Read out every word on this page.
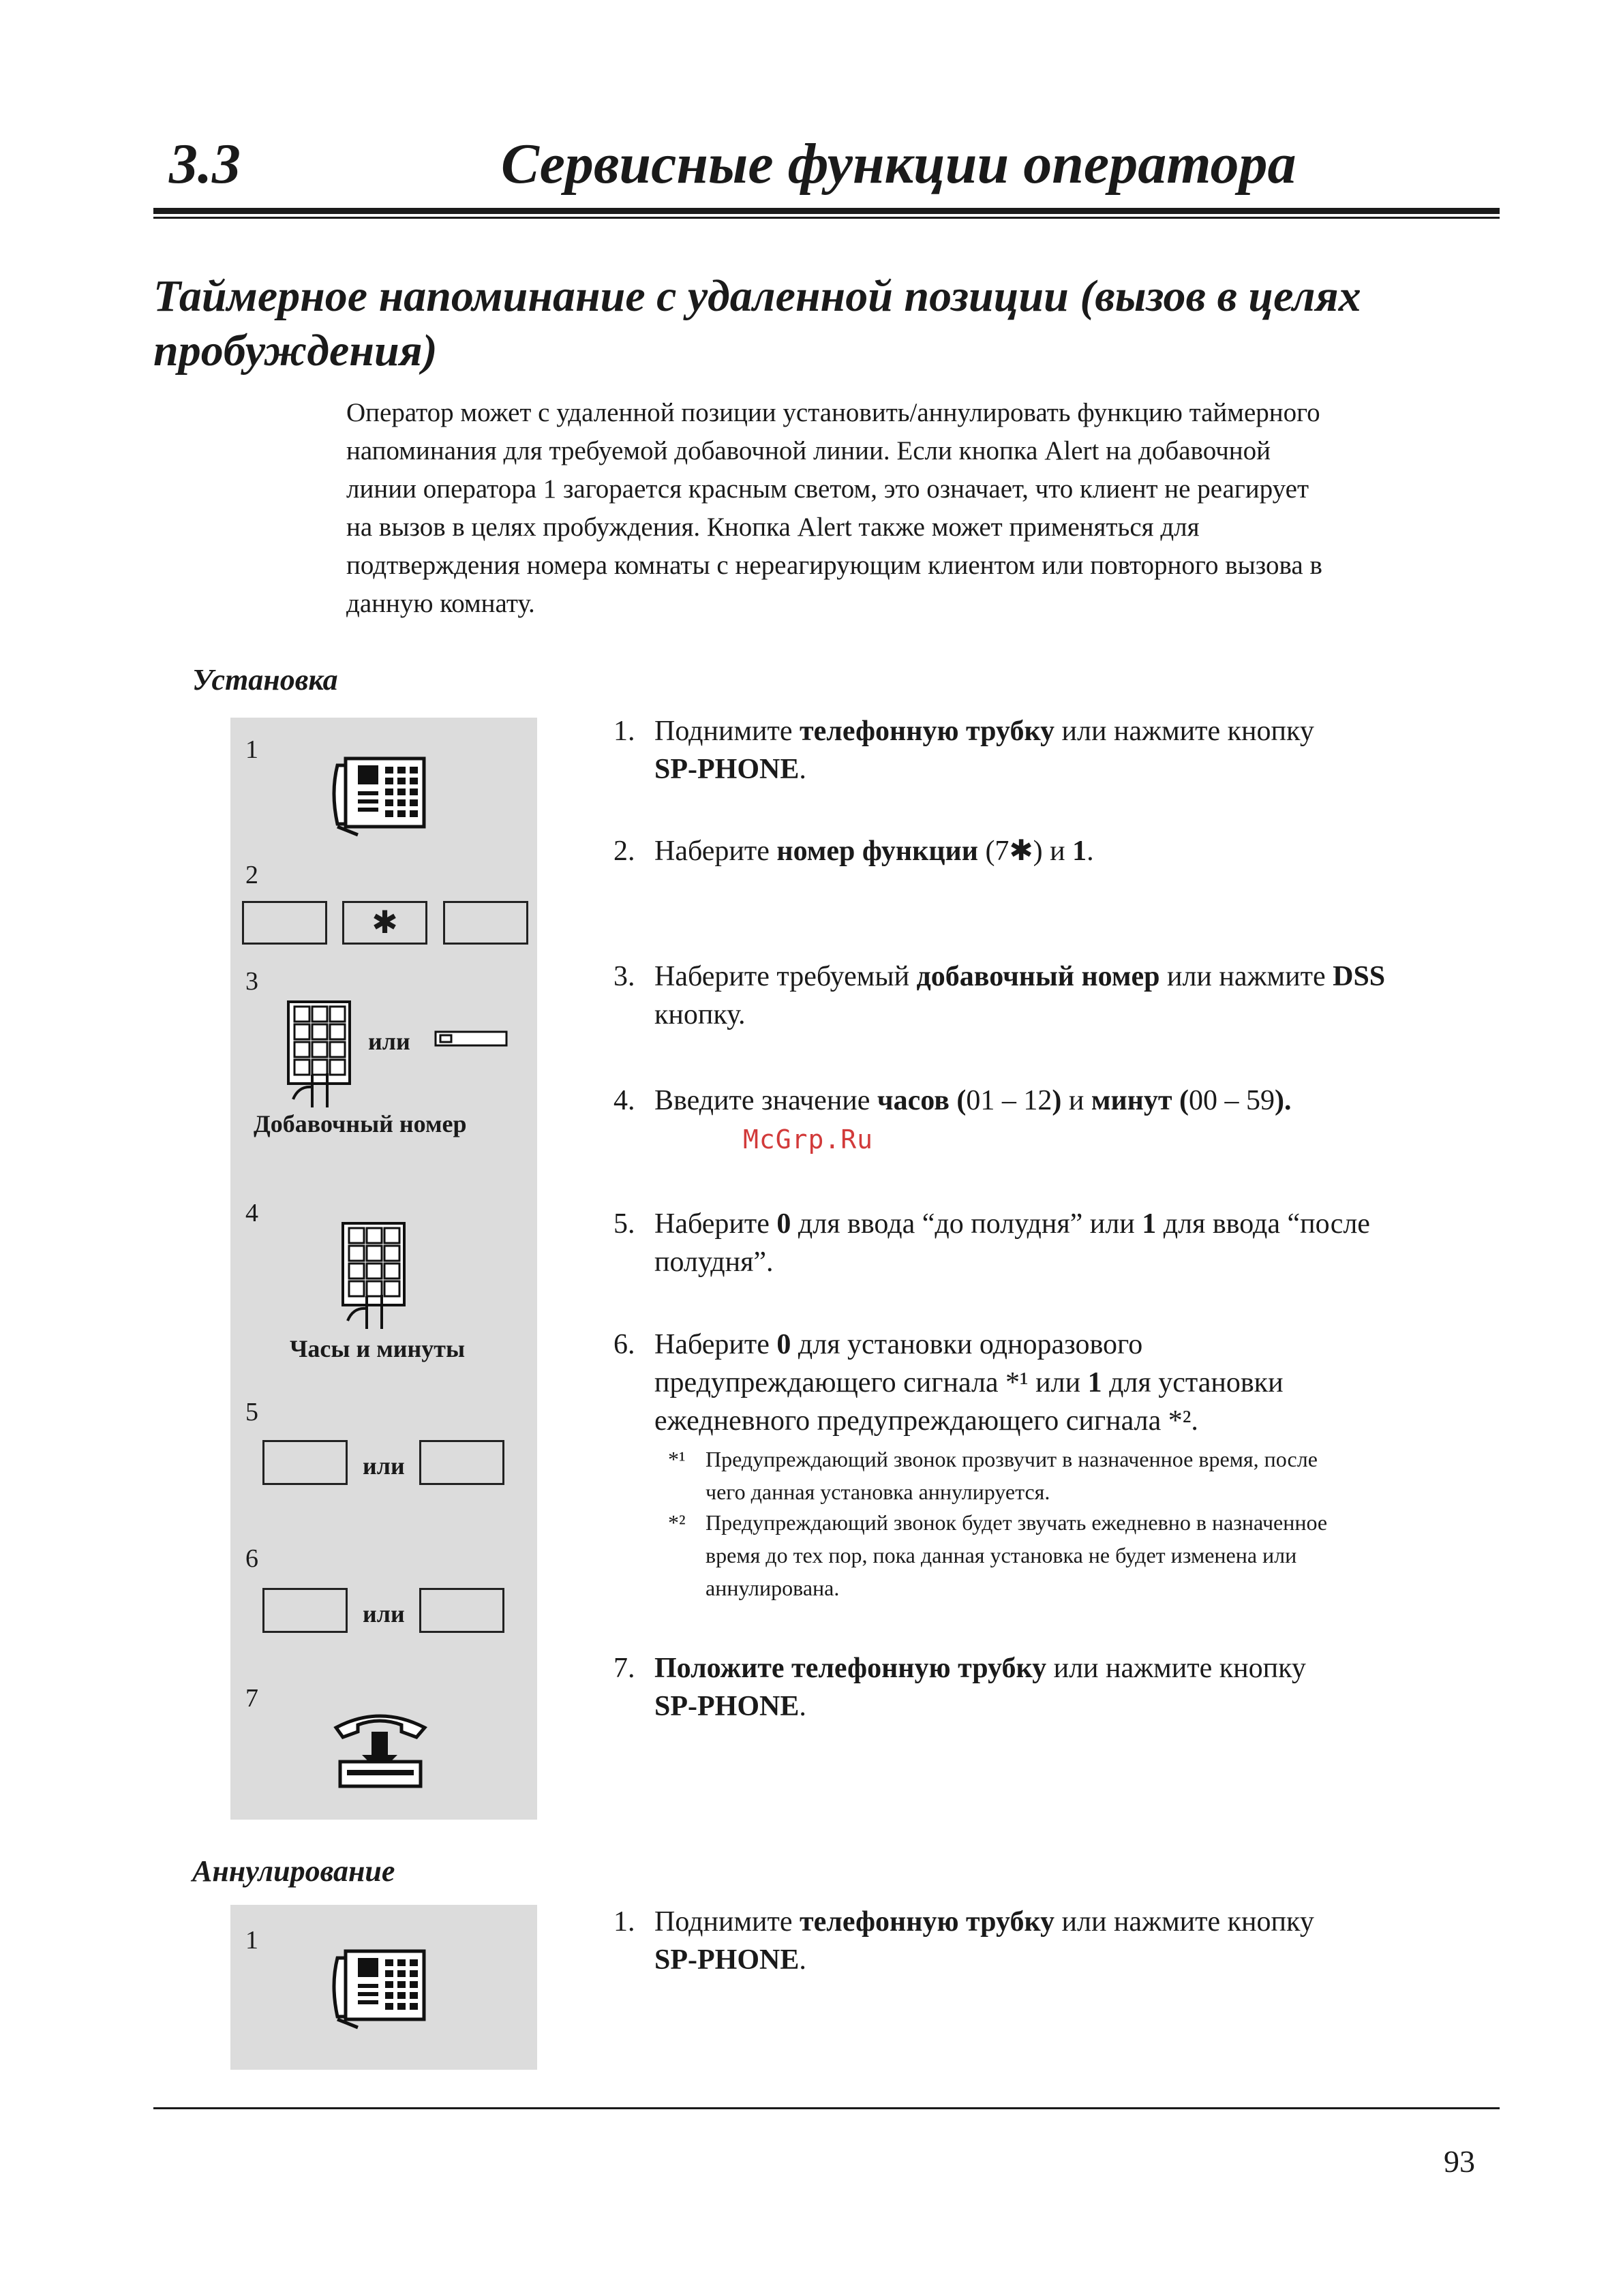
3.3	Сервисные функции оператора
Таймерное напоминание с удаленной позиции (вызов в целях пробуждения)
Оператор может с удаленной позиции установить/аннулировать функцию таймерного
напоминания для требуемой добавочной линии. Если кнопка Alert на добавочной
линии оператора 1 загорается красным светом, это означает, что клиент не реагирует
на вызов в целях пробуждения. Кнопка Alert также может применяться для
подтверждения номера комнаты с нереагирующим клиентом или повторного вызова в
данную комнату.
Установка
1
2
✱
3
или
Добавочный номер
4
Часы и минуты
5
или
6
или
7
1. Поднимите телефонную трубку или нажмите кнопку
SP-PHONE.
2. Наберите номер функции (7✱) и 1.
3. Наберите требуемый добавочный номер или нажмите DSS
кнопку.
4. Введите значение часов (01 – 12) и минут (00 – 59).
5. Наберите 0 для ввода “до полудня” или 1 для ввода “после
полудня”.
6. Наберите 0 для установки одноразового
предупреждающего сигнала *¹ или 1 для установки
ежедневного предупреждающего сигнала *².
*¹ Предупреждающий звонок прозвучит в назначенное время, после
чего данная установка аннулируется.
*² Предупреждающий звонок будет звучать ежедневно в назначенное
время до тех пор, пока данная установка не будет изменена или
аннулирована.
7. Положите телефонную трубку или нажмите кнопку
SP-PHONE.
McGrp.Ru
Аннулирование
1
1. Поднимите телефонную трубку или нажмите кнопку
SP-PHONE.
93
